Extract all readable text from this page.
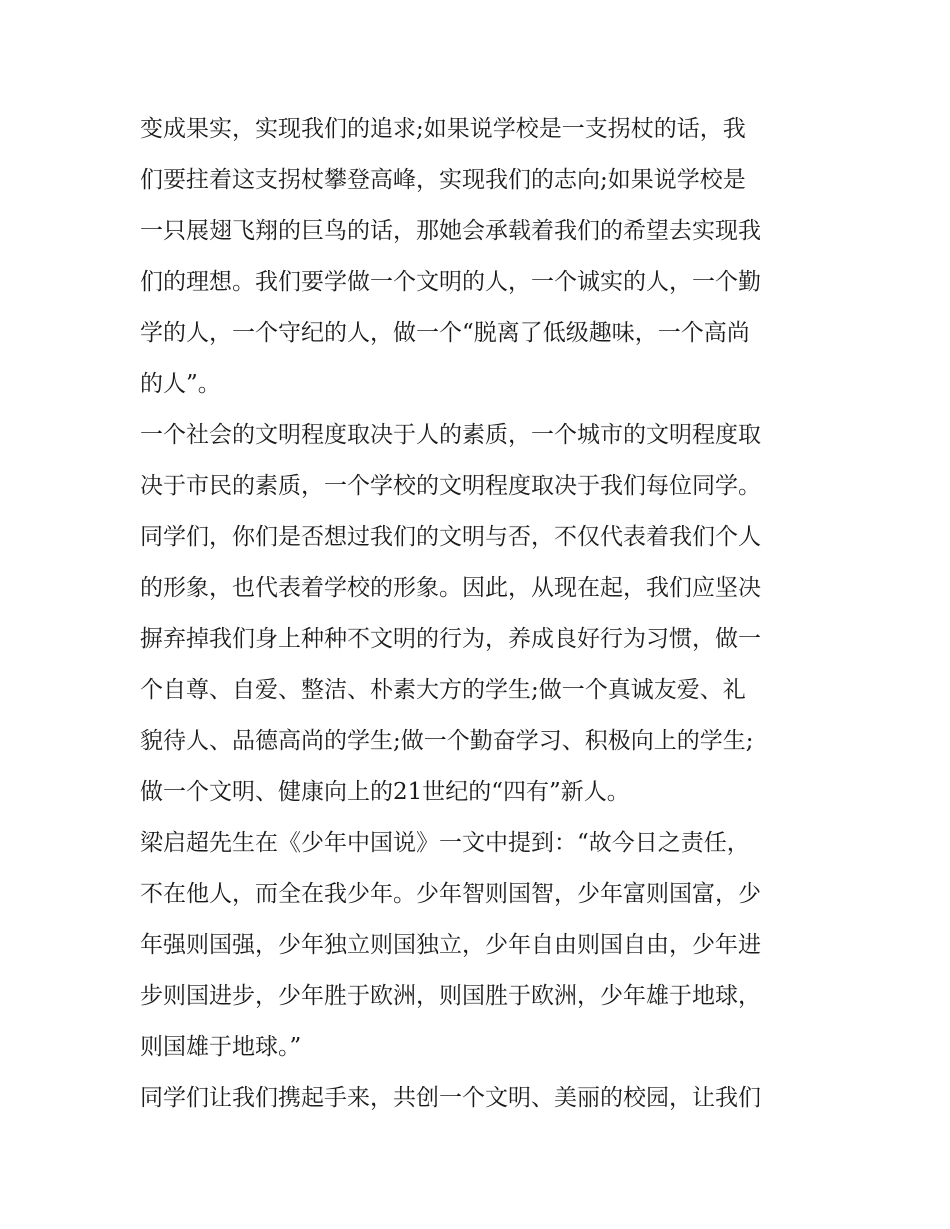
变成果实，实现我们的追求;如果说学校是一支拐杖的话，我
们要拄着这支拐杖攀登高峰，实现我们的志向;如果说学校是
一只展翅飞翔的巨鸟的话，那她会承载着我们的希望去实现我
们的理想。我们要学做一个文明的人，一个诚实的人，一个勤
学的人，一个守纪的人，做一个“脱离了低级趣味，一个高尚
的人”。
一个社会的文明程度取决于人的素质，一个城市的文明程度取
决于市民的素质，一个学校的文明程度取决于我们每位同学。
同学们，你们是否想过我们的文明与否，不仅代表着我们个人
的形象，也代表着学校的形象。因此，从现在起，我们应坚决
摒弃掉我们身上种种不文明的行为，养成良好行为习惯，做一
个自尊、自爱、整洁、朴素大方的学生;做一个真诚友爱、礼
貌待人、品德高尚的学生;做一个勤奋学习、积极向上的学生;
做一个文明、健康向上的21世纪的“四有”新人。
梁启超先生在《少年中国说》一文中提到：“故今日之责任，
不在他人，而全在我少年。少年智则国智，少年富则国富，少
年强则国强，少年独立则国独立，少年自由则国自由，少年进
步则国进步，少年胜于欧洲，则国胜于欧洲，少年雄于地球，
则国雄于地球。”
同学们让我们携起手来，共创一个文明、美丽的校园，让我们
